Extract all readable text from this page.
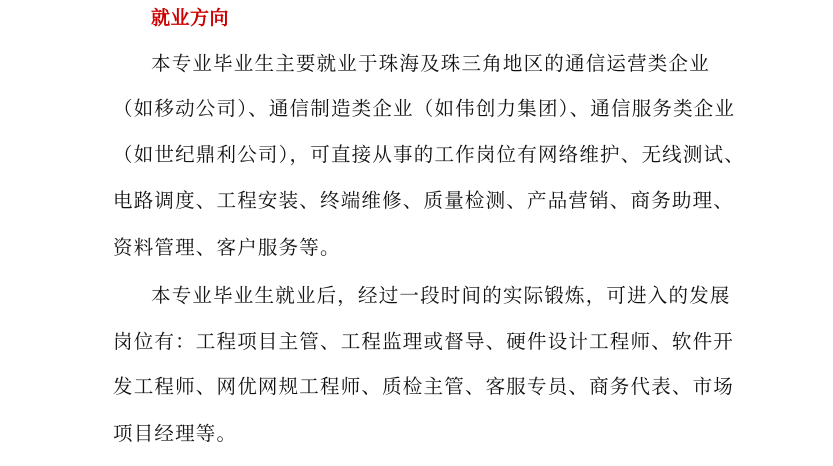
就业方向
本专业毕业生主要就业于珠海及珠三角地区的通信运营类企业
（如移动公司）、通信制造类企业（如伟创力集团）、通信服务类企业
（如世纪鼎利公司），可直接从事的工作岗位有网络维护、无线测试、
电路调度、工程安装、终端维修、质量检测、产品营销、商务助理、
资料管理、客户服务等。
本专业毕业生就业后，经过一段时间的实际锻炼，可进入的发展
岗位有：工程项目主管、工程监理或督导、硬件设计工程师、软件开
发工程师、网优网规工程师、质检主管、客服专员、商务代表、市场
项目经理等。
